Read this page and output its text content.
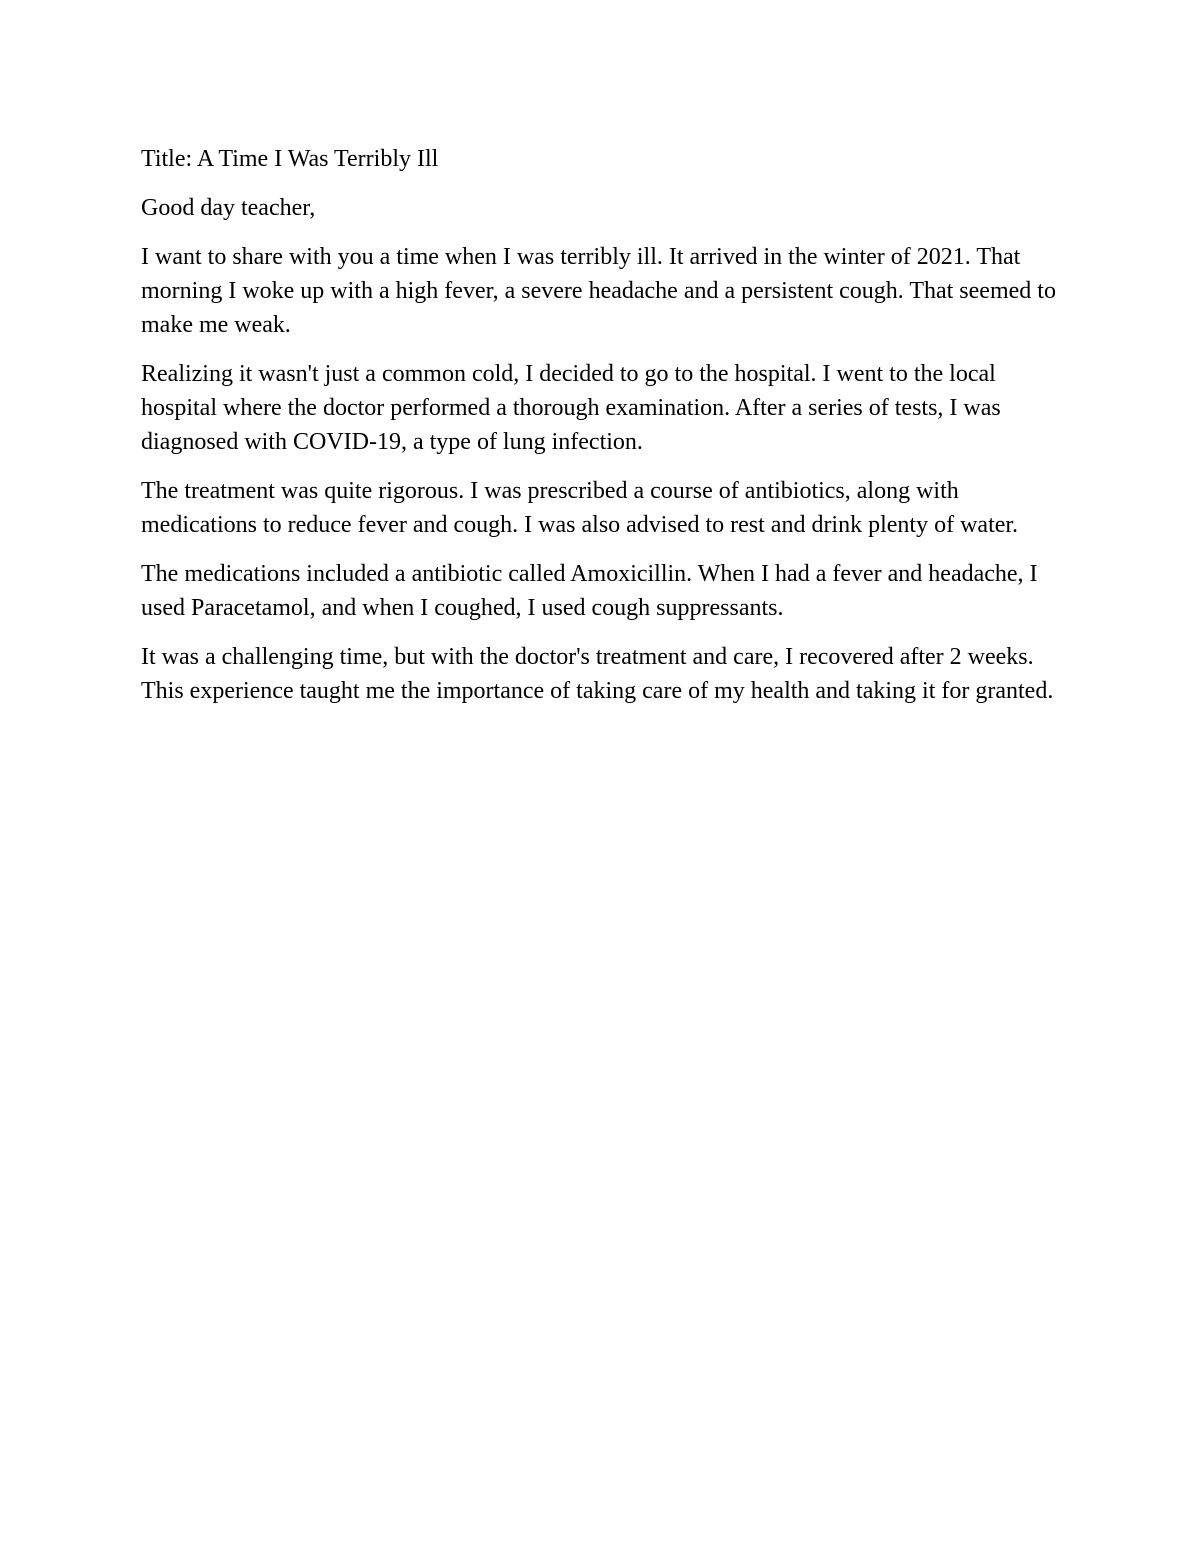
Title: A Time I Was Terribly Ill

Good day teacher,

I want to share with you a time when I was terribly ill. It arrived in the winter of 2021. That morning I woke up with a high fever, a severe headache and a persistent cough. That seemed to make me weak.

Realizing it wasn't just a common cold, I decided to go to the hospital. I went to the local hospital where the doctor performed a thorough examination. After a series of tests, I was diagnosed with COVID-19, a type of lung infection.

The treatment was quite rigorous. I was prescribed a course of antibiotics, along with medications to reduce fever and cough. I was also advised to rest and drink plenty of water.

The medications included a antibiotic called Amoxicillin. When I had a fever and headache, I used Paracetamol, and when I coughed, I used cough suppressants.

It was a challenging time, but with the doctor's treatment and care, I recovered after 2 weeks. This experience taught me the importance of taking care of my health and taking it for granted.
